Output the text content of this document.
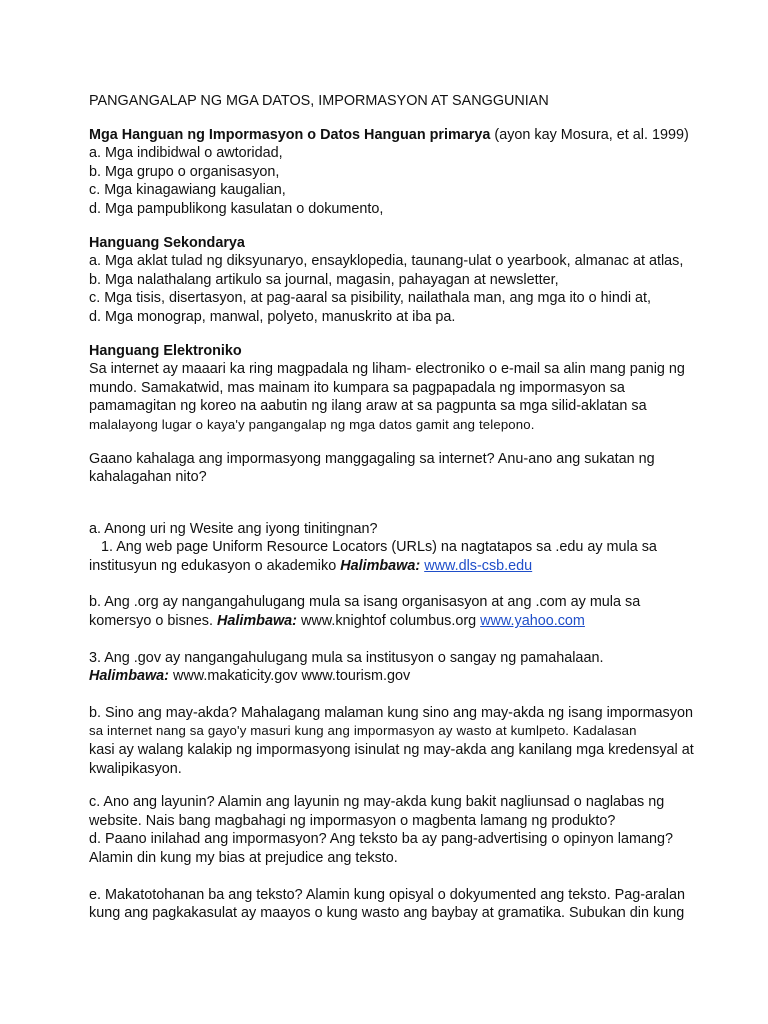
PANGANGALAP NG MGA DATOS, IMPORMASYON AT SANGGUNIAN
Mga Hanguan ng Impormasyon o Datos Hanguan primarya (ayon kay Mosura, et al. 1999)
a. Mga indibidwal o awtoridad,
b. Mga grupo o organisasyon,
c. Mga kinagawiang kaugalian,
d. Mga pampublikong kasulatan o dokumento,
Hanguang Sekondarya
a. Mga aklat tulad ng diksyunaryo, ensayklopedia, taunang-ulat o yearbook, almanac at atlas,
b. Mga nalathalang artikulo sa journal, magasin, pahayagan at newsletter,
c. Mga tisis, disertasyon, at pag-aaral sa pisibility, nailathala man, ang mga ito o hindi at,
d. Mga monograp, manwal, polyeto, manuskrito at iba pa.
Hanguang Elektroniko
Sa internet ay maaari ka ring magpadala ng liham- electroniko o e-mail sa alin mang panig ng
mundo. Samakatwid, mas mainam ito kumpara sa pagpapadala ng impormasyon sa
pamamagitan ng koreo na aabutin ng ilang araw at sa pagpunta sa mga silid-aklatan sa
malalayong lugar o kaya'y pangangalap ng mga datos gamit ang telepono.
Gaano kahalaga ang impormasyong manggagaling sa internet? Anu-ano ang sukatan ng
kahalagahan nito?
a. Anong uri ng Wesite ang iyong tinitingnan?
1. Ang web page Uniform Resource Locators (URLs) na nagtatapos sa .edu ay mula sa
institusyun ng edukasyon o akademiko Halimbawa: www.dls-csb.edu
b. Ang .org ay nangangahulugang mula sa isang organisasyon at ang .com ay mula sa
komersyo o bisnes. Halimbawa: www.knightof columbus.org www.yahoo.com
3. Ang .gov ay nangangahulugang mula sa institusyon o sangay ng pamahalaan.
Halimbawa: www.makaticity.gov www.tourism.gov
b. Sino ang may-akda? Mahalagang malaman kung sino ang may-akda ng isang impormasyon
sa internet nang sa gayo'y masuri kung ang impormasyon ay wasto at kumlpeto. Kadalasan
kasi ay walang kalakip ng impormasyong isinulat ng may-akda ang kanilang mga kredensyal at
kwalipikasyon.
c. Ano ang layunin? Alamin ang layunin ng may-akda kung bakit nagliunsad o naglabas ng
website. Nais bang magbahagi ng impormasyon o magbenta lamang ng produkto?
d. Paano inilahad ang impormasyon? Ang teksto ba ay pang-advertising o opinyon lamang?
Alamin din kung my bias at prejudice ang teksto.
e. Makatotohanan ba ang teksto? Alamin kung opisyal o dokyumented ang teksto. Pag-aralan
kung ang pagkakasulat ay maayos o kung wasto ang baybay at gramatika. Subukan din kung
